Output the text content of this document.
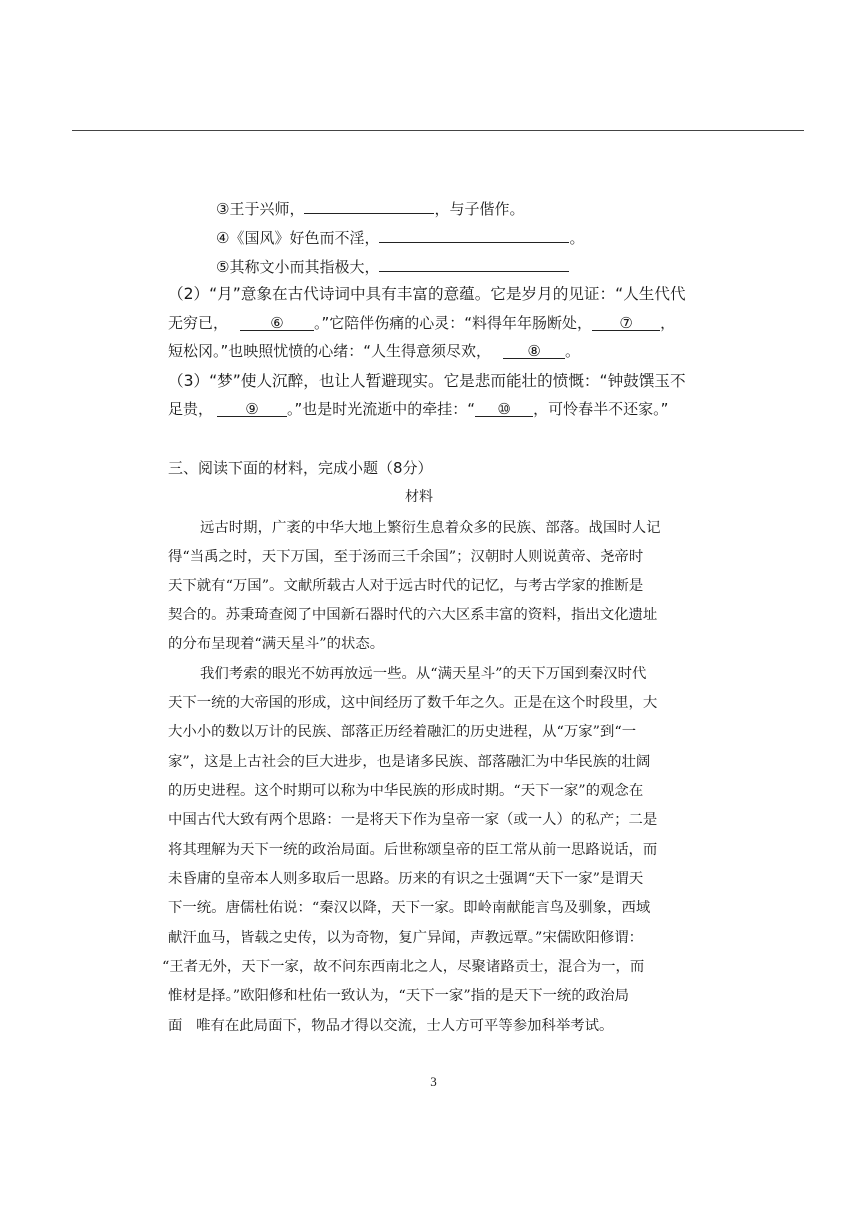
③王于兴师，	，与子偕作。
④《国风》好色而不淫，	。
⑤其称文小而其指极大，
（2）“月”意象在古代诗词中具有丰富的意蕴。它是岁月的见证：“人生代代
无穷已，	⑥ 。”它陪伴伤痛的心灵：“料得年年肠断处， ⑦ ，
短松冈。”也映照忧愤的心绪：“人生得意须尽欢， ⑧ 。
（3）“梦”使人沉醉，也让人暂避现实。它是悲而能壮的愤慨：“钟鼓馔玉不
足贵， ⑨ 。”也是时光流逝中的牵挂：“ ⑩ ，可怜春半不还家。”
三、阅读下面的材料，完成小题（8分）
材料
远古时期，广袤的中华大地上繁衍生息着众多的民族、部落。战国时人记
得“当禹之时，天下万国，至于汤而三千余国”；汉朝时人则说黄帝、尧帝时
天下就有“万国”。文献所载古人对于远古时代的记忆，与考古学家的推断是
契合的。苏秉琦查阅了中国新石器时代的六大区系丰富的资料，指出文化遗址
的分布呈现着“满天星斗”的状态。
我们考索的眼光不妨再放远一些。从“满天星斗”的天下万国到秦汉时代
天下一统的大帝国的形成，这中间经历了数千年之久。正是在这个时段里，大
大小小的数以万计的民族、部落正历经着融汇的历史进程，从“万家”到“一
家”，这是上古社会的巨大进步，也是诸多民族、部落融汇为中华民族的壮阔
的历史进程。这个时期可以称为中华民族的形成时期。“天下一家”的观念在
中国古代大致有两个思路：一是将天下作为皇帝一家（或一人）的私产；二是
将其理解为天下一统的政治局面。后世称颂皇帝的臣工常从前一思路说话，而
未昏庸的皇帝本人则多取后一思路。历来的有识之士强调“天下一家”是谓天
下一统。唐儒杜佑说：“秦汉以降，天下一家。即岭南献能言鸟及驯象，西域
献汗血马，皆载之史传，以为奇物，复广异闻，声教远覃。”宋儒欧阳修谓：
“王者无外，天下一家，故不问东西南北之人，尽聚诸路贡士，混合为一，而
惟材是择。”欧阳修和杜佑一致认为，“天下一家”指的是天下一统的政治局
面   唯有在此局面下，物品才得以交流，士人方可平等参加科举考试。
3
